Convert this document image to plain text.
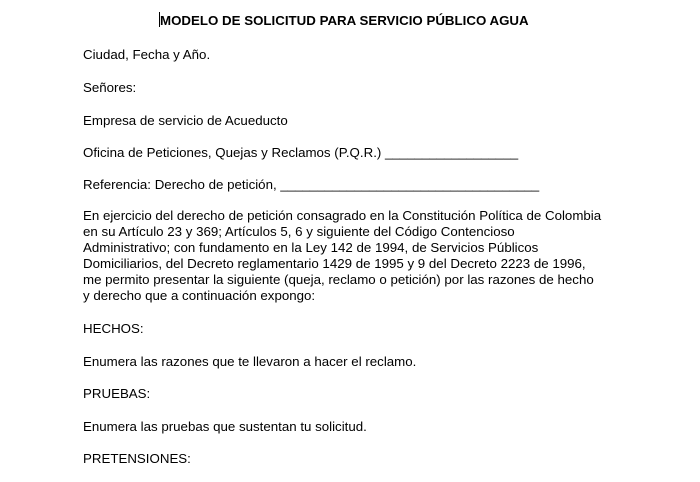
MODELO DE SOLICITUD PARA SERVICIO PÚBLICO AGUA
Ciudad, Fecha y Año.
Señores:
Empresa de servicio de Acueducto
Oficina de Peticiones, Quejas y Reclamos (P.Q.R.) __________________
Referencia: Derecho de petición, ___________________________________
En ejercicio del derecho de petición consagrado en la Constitución Política de Colombia
en su Artículo 23 y 369; Artículos 5, 6 y siguiente del Código Contencioso
Administrativo; con fundamento en la Ley 142 de 1994, de Servicios Públicos
Domiciliarios, del Decreto reglamentario 1429 de 1995 y 9 del Decreto 2223 de 1996,
me permito presentar la siguiente (queja, reclamo o petición) por las razones de hecho
y derecho que a continuación expongo:
HECHOS:
Enumera las razones que te llevaron a hacer el reclamo.
PRUEBAS:
Enumera las pruebas que sustentan tu solicitud.
PRETENSIONES:
